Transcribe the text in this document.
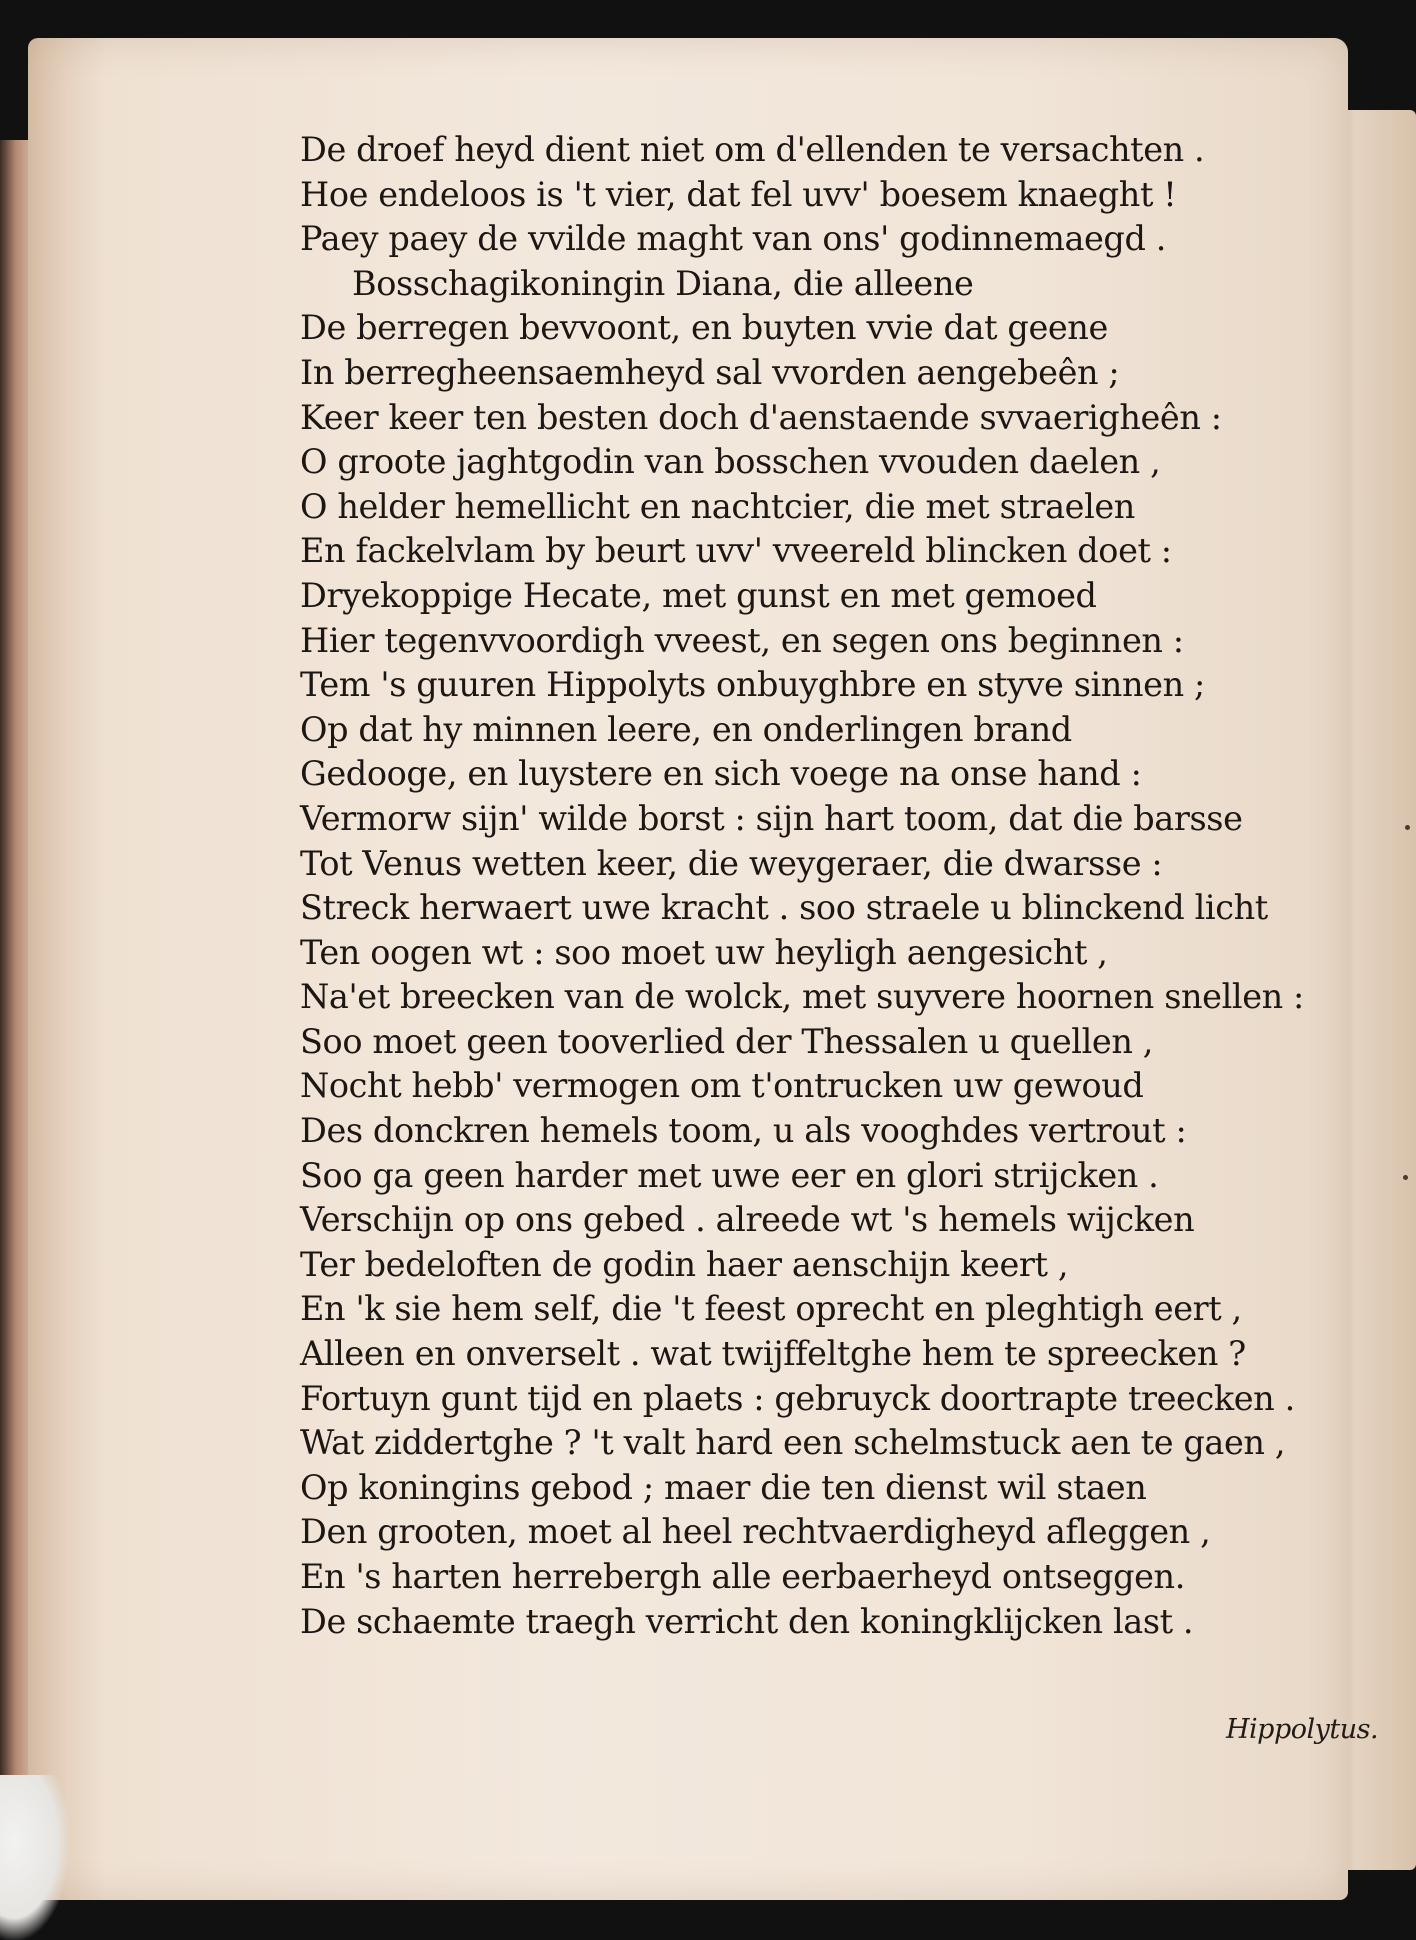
De droef heyd dient niet om d'ellenden te versachten .
Hoe endeloos is 't vier, dat fel uvv' boesem knaeght !
Paey paey de vvilde maght van ons' godinnemaegd .
Bosschagikoningin Diana, die alleene
De berregen bevvoont, en buyten vvie dat geene
In berregheensaemheyd sal vvorden aengebeên ;
Keer keer ten besten doch d'aenstaende svvaerigheên :
O groote jaghtgodin van bosschen vvouden daelen ,
O helder hemellicht en nachtcier, die met straelen
En fackelvlam by beurt uvv' vveereld blincken doet :
Dryekoppige Hecate, met gunst en met gemoed
Hier tegenvvoordigh vveest, en segen ons beginnen :
Tem 's guuren Hippolyts onbuyghbre en styve sinnen ;
Op dat hy minnen leere, en onderlingen brand
Gedooge, en luystere en sich voege na onse hand :
Vermorw sijn' wilde borst : sijn hart toom, dat die barsse
Tot Venus wetten keer, die weygeraer, die dwarsse :
Streck herwaert uwe kracht . soo straele u blinckend licht
Ten oogen wt : soo moet uw heyligh aengesicht ,
Na'et breecken van de wolck, met suyvere hoornen snellen :
Soo moet geen tooverlied der Thessalen u quellen ,
Nocht hebb' vermogen om t'ontrucken uw gewoud
Des donckren hemels toom, u als vooghdes vertrout :
Soo ga geen harder met uwe eer en glori strijcken .
Verschijn op ons gebed . alreede wt 's hemels wijcken
Ter bedeloften de godin haer aenschijn keert ,
En 'k sie hem self, die 't feest oprecht en pleghtigh eert ,
Alleen en onverselt . wat twijffeltghe hem te spreecken ?
Fortuyn gunt tijd en plaets : gebruyck doortrapte treecken .
Wat ziddertghe ? 't valt hard een schelmstuck aen te gaen ,
Op koningins gebod ; maer die ten dienst wil staen
Den grooten, moet al heel rechtvaerdigheyd afleggen ,
En 's harten herrebergh alle eerbaerheyd ontseggen.
De schaemte traegh verricht den koningklijcken last .
Hippolytus.
